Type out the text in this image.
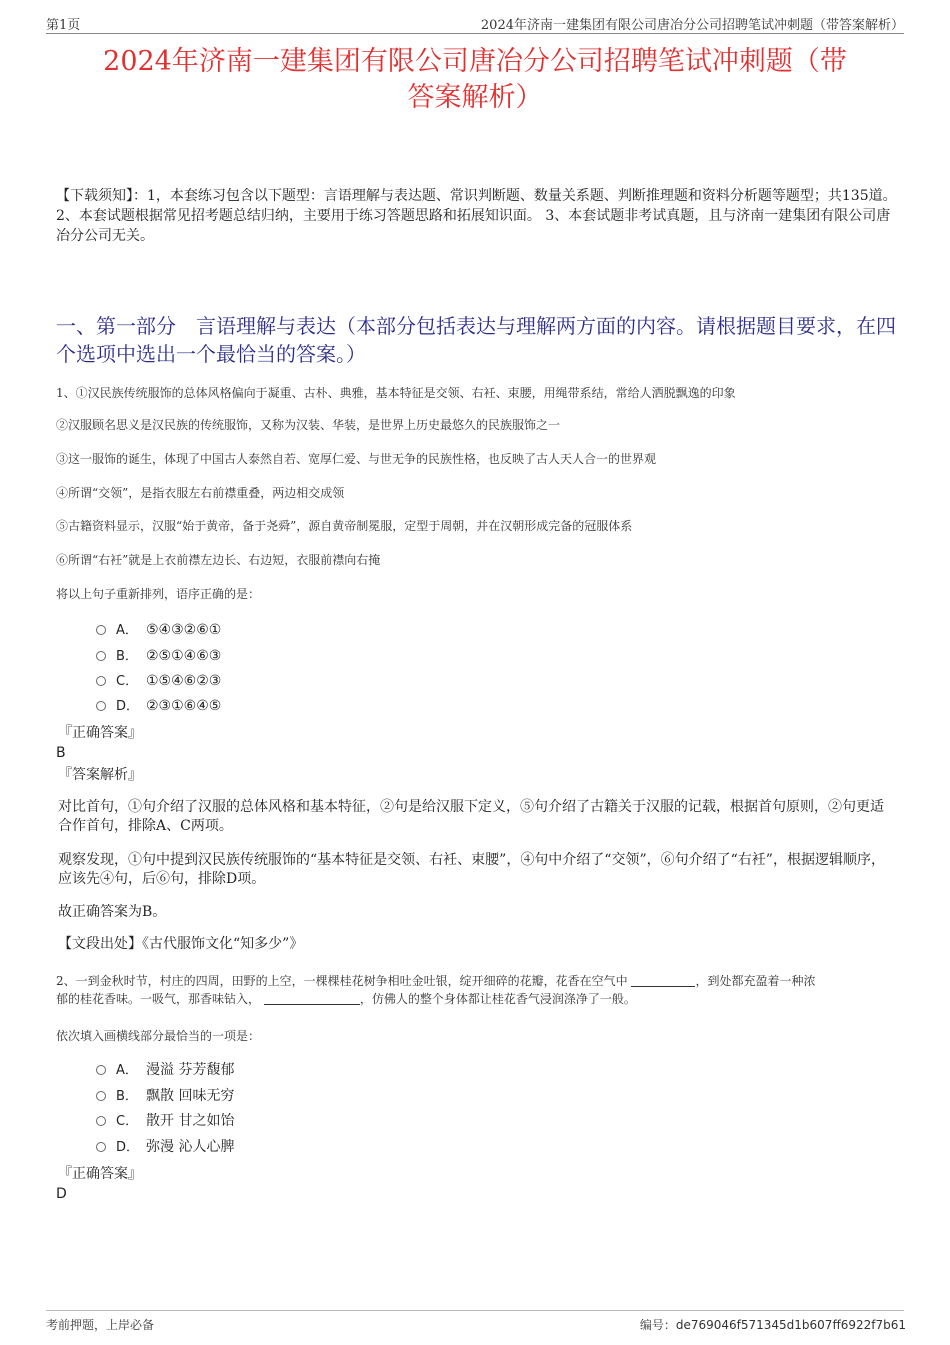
第1页	2024年济南一建集团有限公司唐冶分公司招聘笔试冲刺题（带答案解析）
2024年济南一建集团有限公司唐冶分公司招聘笔试冲刺题（带
答案解析）
【下载须知】：1，本套练习包含以下题型：言语理解与表达题、常识判断题、数量关系题、判断推理题和资料分析题等题型；共135道。 2、本套试题根据常见招考题总结归纳，主要用于练习答题思路和拓展知识面。 3、本套试题非考试真题，且与济南一建集团有限公司唐冶分公司无关。
一、第一部分　言语理解与表达（本部分包括表达与理解两方面的内容。请根据题目要求，在四个选项中选出一个最恰当的答案。）
1、①汉民族传统服饰的总体风格偏向于凝重、古朴、典雅，基本特征是交领、右衽、束腰，用绳带系结，常给人洒脱飘逸的印象
②汉服顾名思义是汉民族的传统服饰，又称为汉装、华装，是世界上历史最悠久的民族服饰之一
③这一服饰的诞生，体现了中国古人泰然自若、宽厚仁爱、与世无争的民族性格，也反映了古人天人合一的世界观
④所谓“交领”，是指衣服左右前襟重叠，两边相交成领
⑤古籍资料显示，汉服“始于黄帝，备于尧舜”，源自黄帝制冕服，定型于周朝，并在汉朝形成完备的冠服体系
⑥所谓“右衽”就是上衣前襟左边长、右边短，衣服前襟向右掩
将以上句子重新排列，语序正确的是：
A． ⑤④③②⑥①
B． ②⑤①④⑥③
C． ①⑤④⑥②③
D． ②③①⑥④⑤
『正确答案』
B
『答案解析』
对比首句，①句介绍了汉服的总体风格和基本特征，②句是给汉服下定义，⑤句介绍了古籍关于汉服的记载，根据首句原则，②句更适合作首句，排除A、C两项。
观察发现，①句中提到汉民族传统服饰的“基本特征是交领、右衽、束腰”，④句中介绍了“交领”，⑥句介绍了“右衽”，根据逻辑顺序，应该先④句，后⑥句，排除D项。
故正确答案为B。
【文段出处】《古代服饰文化“知多少”》
2、一到金秋时节，村庄的四周，田野的上空，一棵棵桂花树争相吐金吐银，绽开细碎的花瓣，花香在空气中	，到处都充盈着一种浓
郁的桂花香味。一吸气，那香味钻入，	，仿佛人的整个身体都让桂花香气浸润涤净了一般。
依次填入画横线部分最恰当的一项是：
A． 漫溢 芬芳馥郁
B． 飘散 回味无穷
C． 散开 甘之如饴
D． 弥漫 沁人心脾
『正确答案』
D
考前押题，上岸必备	编号：de769046f571345d1b607ff6922f7b61
